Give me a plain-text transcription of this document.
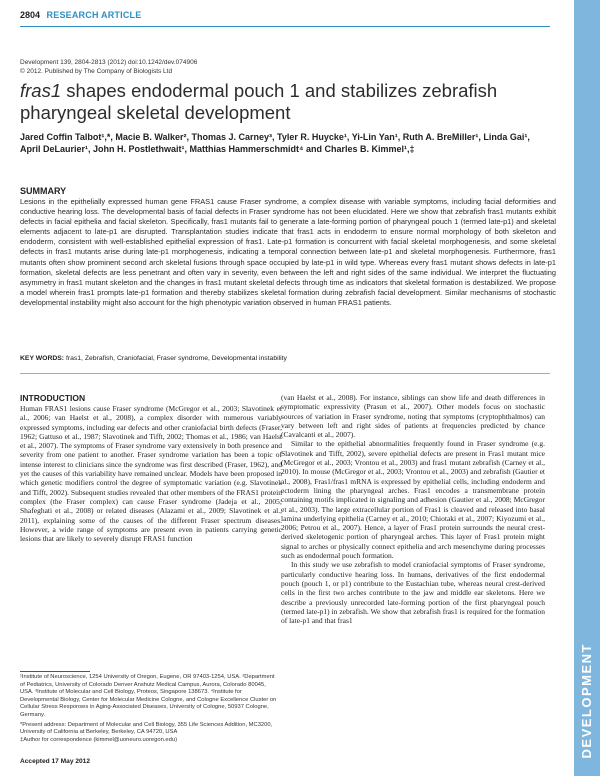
2804 RESEARCH ARTICLE
DEVELOPMENT
Development 139, 2804-2813 (2012) doi:10.1242/dev.074906
© 2012. Published by The Company of Biologists Ltd
fras1 shapes endodermal pouch 1 and stabilizes zebrafish pharyngeal skeletal development
Jared Coffin Talbot¹,*, Macie B. Walker², Thomas J. Carney³, Tyler R. Huycke¹, Yi-Lin Yan¹, Ruth A. BreMiller¹, Linda Gai¹, April DeLaurier¹, John H. Postlethwait¹, Matthias Hammerschmidt⁴ and Charles B. Kimmel¹,‡
SUMMARY
Lesions in the epithelially expressed human gene FRAS1 cause Fraser syndrome, a complex disease with variable symptoms, including facial deformities and conductive hearing loss. The developmental basis of facial defects in Fraser syndrome has not been elucidated. Here we show that zebrafish fras1 mutants exhibit defects in facial epithelia and facial skeleton. Specifically, fras1 mutants fail to generate a late-forming portion of pharyngeal pouch 1 (termed late-p1) and skeletal elements adjacent to late-p1 are disrupted. Transplantation studies indicate that fras1 acts in endoderm to ensure normal morphology of both skeleton and endoderm, consistent with well-established epithelial expression of fras1. Late-p1 formation is concurrent with facial skeletal morphogenesis, and some skeletal defects in fras1 mutants arise during late-p1 morphogenesis, indicating a temporal connection between late-p1 and skeletal morphogenesis. Furthermore, fras1 mutants often show prominent second arch skeletal fusions through space occupied by late-p1 in wild type. Whereas every fras1 mutant shows defects in late-p1 formation, skeletal defects are less penetrant and often vary in severity, even between the left and right sides of the same individual. We interpret the fluctuating asymmetry in fras1 mutant skeleton and the changes in fras1 mutant skeletal defects through time as indicators that skeletal formation is destabilized. We propose a model wherein fras1 prompts late-p1 formation and thereby stabilizes skeletal formation during zebrafish facial development. Similar mechanisms of stochastic developmental instability might also account for the high phenotypic variation observed in human FRAS1 patients.
KEY WORDS: fras1, Zebrafish, Craniofacial, Fraser syndrome, Developmental instability
INTRODUCTION

Human FRAS1 lesions cause Fraser syndrome (McGregor et al., 2003; Slavotinek et al., 2006; van Haelst et al., 2008), a complex disorder with numerous variably expressed symptoms, including ear defects and other craniofacial birth defects (Fraser, 1962; Gattuso et al., 1987; Slavotinek and Tifft, 2002; Thomas et al., 1986; van Haelst et al., 2007). The symptoms of Fraser syndrome vary extensively in both presence and severity from one patient to another. Fraser syndrome variation has been a topic of intense interest to clinicians since the syndrome was first described (Fraser, 1962), and yet the causes of this variability have remained unclear. Models have been proposed in which genetic modifiers control the degree of symptomatic variation (e.g. Slavotinek and Tifft, 2002). Subsequent studies revealed that other members of the FRAS1 protein complex (the Fraser complex) can cause Fraser syndrome (Jadeja et al., 2005; Shafeghati et al., 2008) or related diseases (Alazami et al., 2009; Slavotinek et al., 2011), explaining some of the causes of the different Fraser spectrum diseases. However, a wide range of symptoms are present even in patients carrying genetic lesions that are likely to severely disrupt FRAS1 function

(van Haelst et al., 2008). For instance, siblings can show life and death differences in symptomatic expressivity (Prasun et al., 2007). Other models focus on stochastic sources of variation in Fraser syndrome, noting that symptoms (cryptophthalmos) can vary between left and right sides of patients at frequencies predicted by chance (Cavalcanti et al., 2007).

Similar to the epithelial abnormalities frequently found in Fraser syndrome (e.g. Slavotinek and Tifft, 2002), severe epithelial defects are present in Fras1 mutant mice (McGregor et al., 2003; Vrontou et al., 2003) and fras1 mutant zebrafish (Carney et al., 2010). In mouse (McGregor et al., 2003; Vrontou et al., 2003) and zebrafish (Gautier et al., 2008), Fras1/fras1 mRNA is expressed by epithelial cells, including endoderm and ectoderm lining the pharyngeal arches. Fras1 encodes a transmembrane protein containing motifs implicated in signaling and adhesion (Gautier et al., 2008; McGregor et al., 2003). The large extracellular portion of Fras1 is cleaved and released into basal lamina underlying epithelia (Carney et al., 2010; Chiotaki et al., 2007; Kiyozumi et al., 2006; Petrou et al., 2007). Hence, a layer of Fras1 protein surrounds the neural crest-derived skeletogenic portion of pharyngeal arches. This layer of Fras1 protein might signal to arches or physically connect epithelia and arch mesenchyme during processes such as endodermal pouch formation.

In this study we use zebrafish to model craniofacial symptoms of Fraser syndrome, particularly conductive hearing loss. In humans, derivatives of the first endodermal pouch (pouch 1, or p1) contribute to the Eustachian tube, whereas neural crest-derived cells in the first two arches contribute to the jaw and middle ear skeletons. Here we describe a previously unrecorded late-forming portion of the first pharyngeal pouch (termed late-p1) in zebrafish. We show that zebrafish fras1 is required for the formation of late-p1 and that fras1

¹Institute of Neuroscience, 1254 University of Oregon, Eugene, OR 97403-1254, USA. ²Department of Pediatrics, University of Colorado Denver Anshutz Medical Campus, Aurora, Colorado 80045, USA. ³Institute of Molecular and Cell Biology, Proteos, Singapore 138673. ⁴Institute for Developmental Biology, Center for Molecular Medicine Cologne, and Cologne Excellence Cluster on Cellular Stress Responses in Aging-Associated Diseases, University of Cologne, 50937 Cologne, Germany.

*Present address: Department of Molecular and Cell Biology, 355 Life Sciences Addition, MC3200, University of California at Berkeley, Berkeley, CA 94720, USA

‡Author for correspondence (kimmel@uoneuro.uoregon.edu)

Accepted 17 May 2012
